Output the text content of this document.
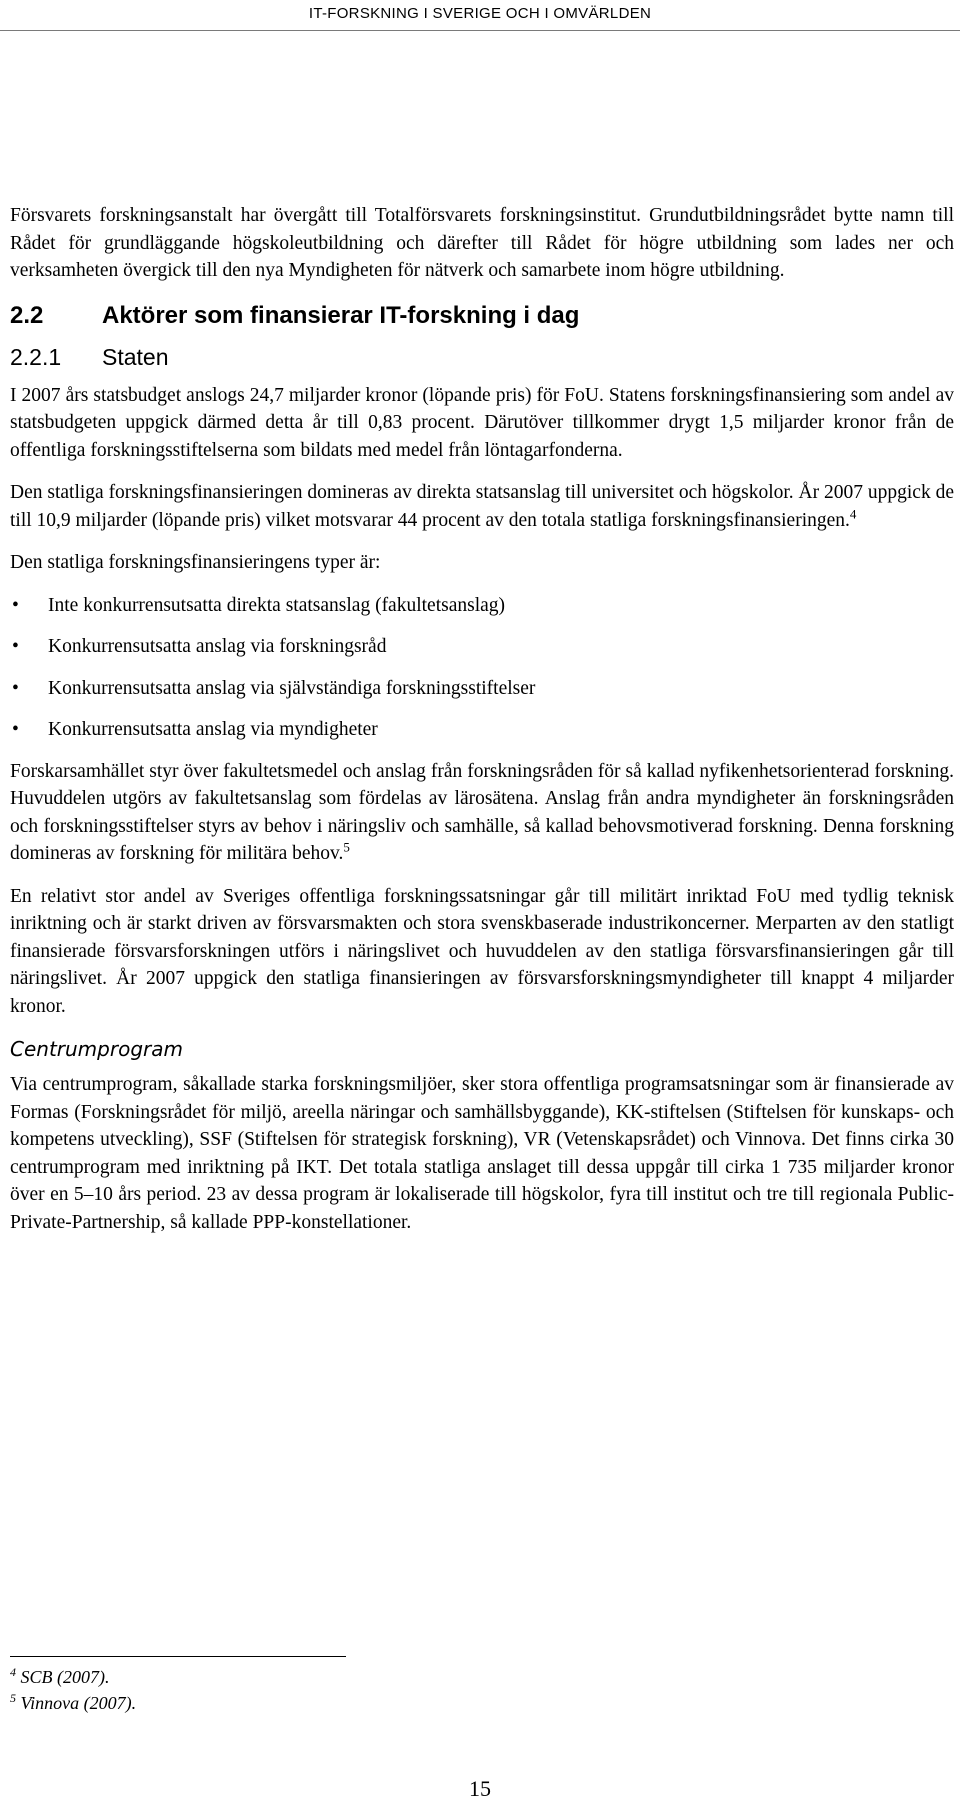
IT-FORSKNING I SVERIGE OCH I OMVÄRLDEN

Försvarets forskningsanstalt har övergått till Totalförsvarets forskningsinstitut. Grundutbildningsrådet bytte namn till Rådet för grundläggande högskoleutbildning och därefter till Rådet för högre utbildning som lades ner och verksamheten övergick till den nya Myndigheten för nätverk och samarbete inom högre utbildning.

2.2 Aktörer som finansierar IT-forskning i dag
2.2.1 Staten

I 2007 års statsbudget anslogs 24,7 miljarder kronor (löpande pris) för FoU. Statens forskningsfinansiering som andel av statsbudgeten uppgick därmed detta år till 0,83 procent. Därutöver tillkommer drygt 1,5 miljarder kronor från de offentliga forskningsstiftelserna som bildats med medel från löntagarfonderna.

Den statliga forskningsfinansieringen domineras av direkta statsanslag till universitet och högskolor. År 2007 uppgick de till 10,9 miljarder (löpande pris) vilket motsvarar 44 procent av den totala statliga forskningsfinansieringen.$^4$

Den statliga forskningsfinansieringens typer är:

• Inte konkurrensutsatta direkta statsanslag (fakultetsanslag)
• Konkurrensutsatta anslag via forskningsråd
• Konkurrensutsatta anslag via självständiga forskningsstiftelser
• Konkurrensutsatta anslag via myndigheter

Forskarsamhället styr över fakultetsmedel och anslag från forskningsråden för så kallad nyfikenhetsorienterad forskning. Huvuddelen utgörs av fakultetsanslag som fördelas av lärosätena. Anslag från andra myndigheter än forskningsråden och forskningsstiftelser styrs av behov i näringsliv och samhälle, så kallad behovsmotiverad forskning. Denna forskning domineras av forskning för militära behov.$^5$

En relativt stor andel av Sveriges offentliga forskningssatsningar går till militärt inriktad FoU med tydlig teknisk inriktning och är starkt driven av försvarsmakten och stora svenskbaserade industrikoncerner. Merparten av den statligt finansierade försvarsforskningen utförs i näringslivet och huvuddelen av den statliga försvarsfinansieringen går till näringslivet. År 2007 uppgick den statliga finansieringen av försvarsforskningsmyndigheter till knappt 4 miljarder kronor.

Centrumprogram

Via centrumprogram, såkallade starka forskningsmiljöer, sker stora offentliga programsatsningar som är finansierade av Formas (Forskningsrådet för miljö, areella näringar och samhällsbyggande), KK-stiftelsen (Stiftelsen för kunskaps- och kompetens utveckling), SSF (Stiftelsen för strategisk forskning), VR (Vetenskapsrådet) och Vinnova. Det finns cirka 30 centrumprogram med inriktning på IKT. Det totala statliga anslaget till dessa uppgår till cirka 1 735 miljarder kronor över en 5–10 års period. 23 av dessa program är lokaliserade till högskolor, fyra till institut och tre till regionala Public-Private-Partnership, så kallade PPP-konstellationer.

$^4$ SCB (2007).
$^5$ Vinnova (2007).
15
